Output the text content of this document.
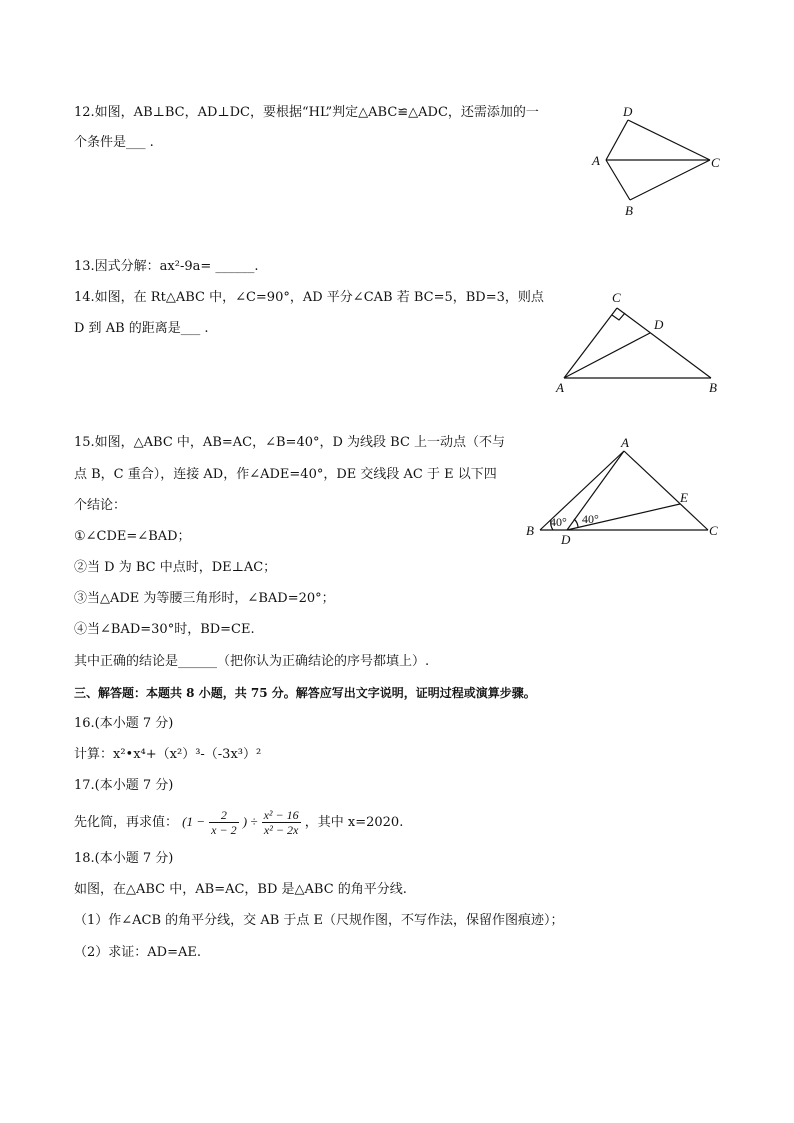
12.如图，AB⊥BC，AD⊥DC，要根据“HL”判定△ABC≌△ADC，还需添加的一
个条件是___ .
D
A	C
B
13.因式分解：ax²-9a= ______.
14.如图，在 Rt△ABC 中，∠C=90°，AD 平分∠CAB 若 BC=5，BD=3，则点
D 到 AB 的距离是___ .
C
D
A	B
15.如图，△ABC 中，AB=AC，∠B=40°，D 为线段 BC 上一动点（不与
点 B，C 重合），连接 AD，作∠ADE=40°，DE 交线段 AC 于 E 以下四
个结论：
①∠CDE=∠BAD；
②当 D 为 BC 中点时，DE⊥AC；
③当△ADE 为等腰三角形时，∠BAD=20°；
④当∠BAD=30°时，BD=CE.
其中正确的结论是______（把你认为正确结论的序号都填上）.
A
E
B	C
D
40° 40°
三、解答题：本题共 8 小题，共 75 分。解答应写出文字说明，证明过程或演算步骤。
16.(本小题 7 分)
计算：x²•x⁴+（x²）³-（-3x³）²
17.(本小题 7 分)
先化简，再求值： ($1 - \frac{2}{x - 2}$ ) ÷ $\frac{\text{x² − 16}}{\text{x² − 2x}}$ ，其中 x=2020.
18.(本小题 7 分)
如图，在△ABC 中，AB=AC，BD 是△ABC 的角平分线.
（1）作∠ACB 的角平分线，交 AB 于点 E（尺规作图，不写作法，保留作图痕迹）；
（2）求证：AD=AE.
